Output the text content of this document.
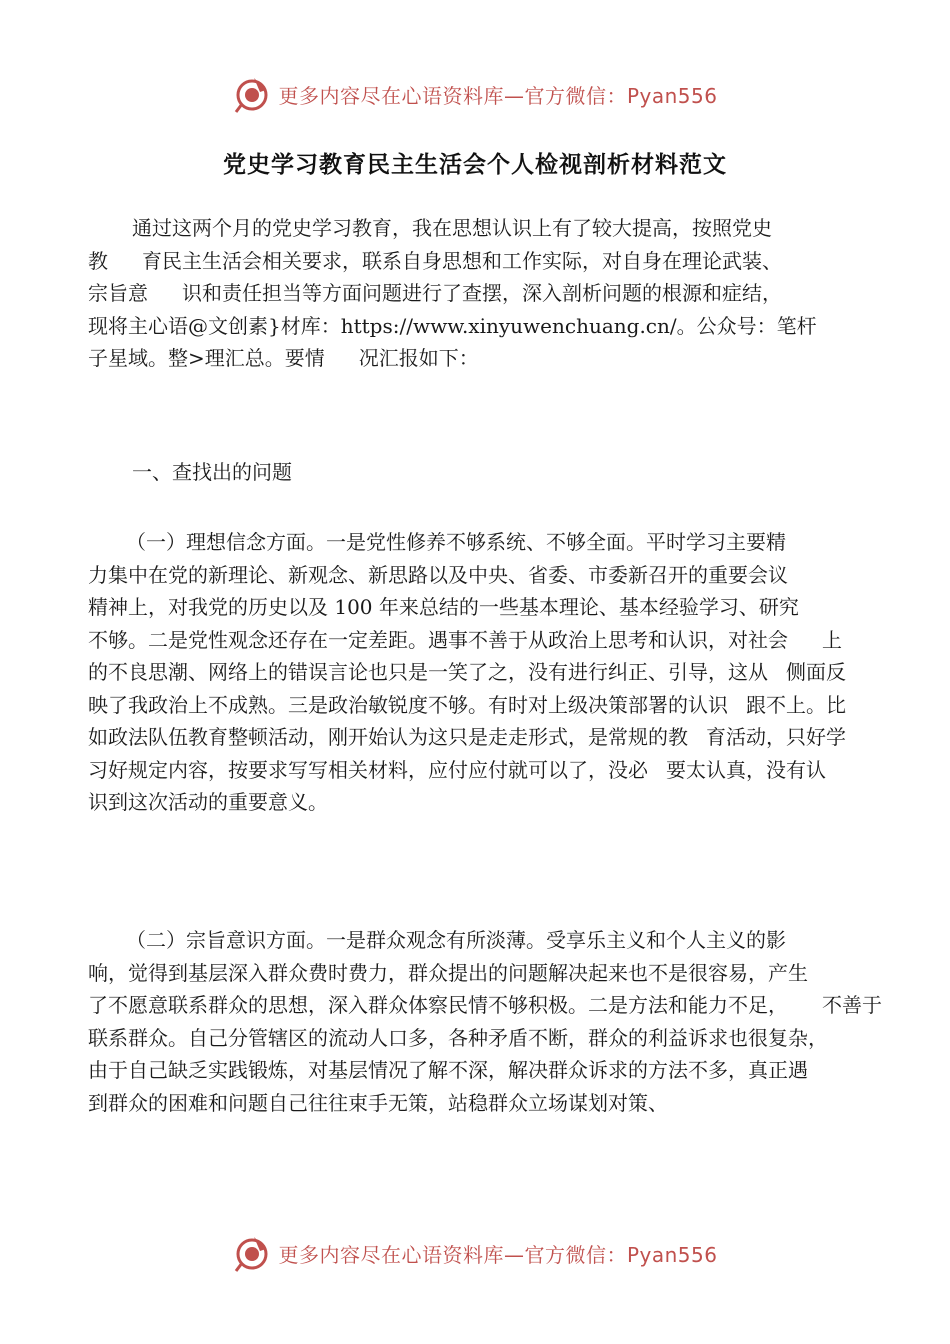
更多内容尽在心语资料库—官方微信：Pyan556
党史学习教育民主生活会个人检视剖析材料范文
通过这两个月的党史学习教育，我在思想认识上有了较大提高，按照党史
教 育民主生活会相关要求，联系自身思想和工作实际，对自身在理论武装、
宗旨意 识和责任担当等方面问题进行了查摆，深入剖析问题的根源和症结，
现将主心语@文创素}材库：https://www.xinyuwenchuang.cn/。公众号：笔杆
子星域。整>理汇总。要情 况汇报如下：
一、查找出的问题
（一）理想信念方面。一是党性修养不够系统、不够全面。平时学习主要精
力集中在党的新理论、新观念、新思路以及中央、省委、市委新召开的重要会议
精神上，对我党的历史以及 100 年来总结的一些基本理论、基本经验学习、研究
不够。二是党性观念还存在一定差距。遇事不善于从政治上思考和认识，对社会 上
的不良思潮、网络上的错误言论也只是一笑了之，没有进行纠正、引导，这从 侧面反
映了我政治上不成熟。三是政治敏锐度不够。有时对上级决策部署的认识 跟不上。比
如政法队伍教育整顿活动，刚开始认为这只是走走形式，是常规的教 育活动，只好学
习好规定内容，按要求写写相关材料，应付应付就可以了，没必 要太认真，没有认
识到这次活动的重要意义。
（二）宗旨意识方面。一是群众观念有所淡薄。受享乐主义和个人主义的影
响，觉得到基层深入群众费时费力，群众提出的问题解决起来也不是很容易，产生
了不愿意联系群众的思想，深入群众体察民情不够积极。二是方法和能力不足， 不善于
联系群众。自己分管辖区的流动人口多，各种矛盾不断，群众的利益诉求也很复杂，
由于自己缺乏实践锻炼，对基层情况了解不深，解决群众诉求的方法不多，真正遇
到群众的困难和问题自己往往束手无策，站稳群众立场谋划对策、
更多内容尽在心语资料库—官方微信：Pyan556
